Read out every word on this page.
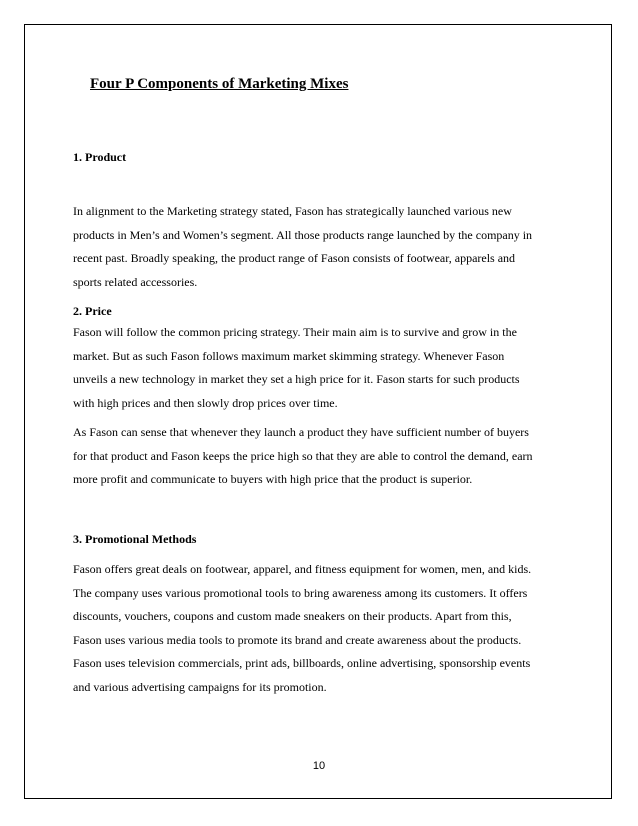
Four P Components of Marketing Mixes
1. Product
In alignment to the Marketing strategy stated, Fason has strategically launched various new
products in Men’s and Women’s segment. All those products range launched by the company in
recent past. Broadly speaking, the product range of Fason consists of footwear, apparels and
sports related accessories.
2. Price
Fason will follow the common pricing strategy. Their main aim is to survive and grow in the
market. But as such Fason follows maximum market skimming strategy. Whenever Fason
unveils a new technology in market they set a high price for it. Fason starts for such products
with high prices and then slowly drop prices over time.
As Fason can sense that whenever they launch a product they have sufficient number of buyers
for that product and Fason keeps the price high so that they are able to control the demand, earn
more profit and communicate to buyers with high price that the product is superior.
3. Promotional Methods
Fason offers great deals on footwear, apparel, and fitness equipment for women, men, and kids.
The company uses various promotional tools to bring awareness among its customers. It offers
discounts, vouchers, coupons and custom made sneakers on their products. Apart from this,
Fason uses various media tools to promote its brand and create awareness about the products.
Fason uses television commercials, print ads, billboards, online advertising, sponsorship events
and various advertising campaigns for its promotion.
10
